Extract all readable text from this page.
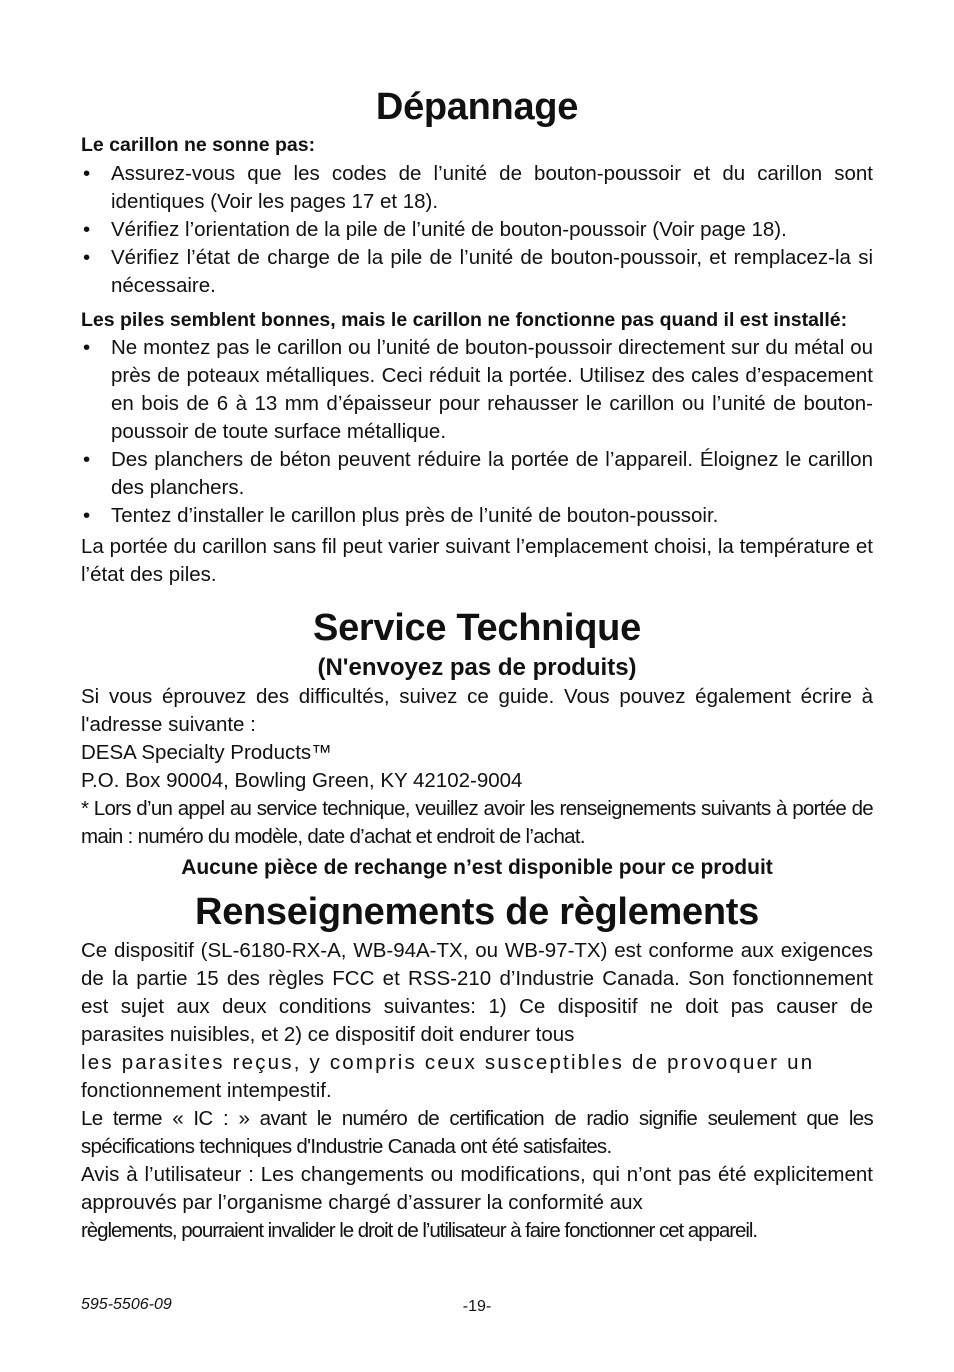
Dépannage

Le carillon ne sonne pas:

• Assurez-vous que les codes de l’unité de bouton-poussoir et du carillon sont identiques (Voir les pages 17 et 18).
• Vérifiez l’orientation de la pile de l’unité de bouton-poussoir (Voir page 18).
• Vérifiez l’état de charge de la pile de l’unité de bouton-poussoir, et remplacez-la si nécessaire.

Les piles semblent bonnes, mais le carillon ne fonctionne pas quand il est installé:

• Ne montez pas le carillon ou l’unité de bouton-poussoir directement sur du métal ou près de poteaux métalliques. Ceci réduit la portée. Utilisez des cales d’espacement en bois de 6 à 13 mm d’épaisseur pour rehausser le carillon ou l’unité de bouton-poussoir de toute surface métallique.
• Des planchers de béton peuvent réduire la portée de l’appareil. Éloignez le carillon des planchers.
• Tentez d’installer le carillon plus près de l’unité de bouton-poussoir.

La portée du carillon sans fil peut varier suivant l’emplacement choisi, la température et l’état des piles.

Service Technique
(N'envoyez pas de produits)

Si vous éprouvez des difficultés, suivez ce guide. Vous pouvez également écrire à l'adresse suivante :

DESA Specialty Products™

P.O. Box 90004, Bowling Green, KY 42102-9004

* Lors d’un appel au service technique, veuillez avoir les renseignements suivants à portée de main : numéro du modèle, date d’achat et endroit de l’achat.

Aucune pièce de rechange n’est disponible pour ce produit

Renseignements de règlements

Ce dispositif (SL-6180-RX-A, WB-94A-TX, ou WB-97-TX) est conforme aux exigences de la partie 15 des règles FCC et RSS-210 d’Industrie Canada. Son fonctionnement est sujet aux deux conditions suivantes: 1) Ce dispositif ne doit pas causer de parasites nuisibles, et 2) ce dispositif doit endurer tous

les parasites reçus, y compris ceux susceptibles de provoquer un

fonctionnement intempestif.

Le terme « IC : » avant le numéro de certification de radio signifie seulement que les spécifications techniques d'Industrie Canada ont été satisfaites.

Avis à l’utilisateur : Les changements ou modifications, qui n’ont pas été explicitement approuvés par l’organisme chargé d’assurer la conformité aux

règlements, pourraient invalider le droit de l’utilisateur à faire fonctionner cet appareil.

595-5506-09	-19-
